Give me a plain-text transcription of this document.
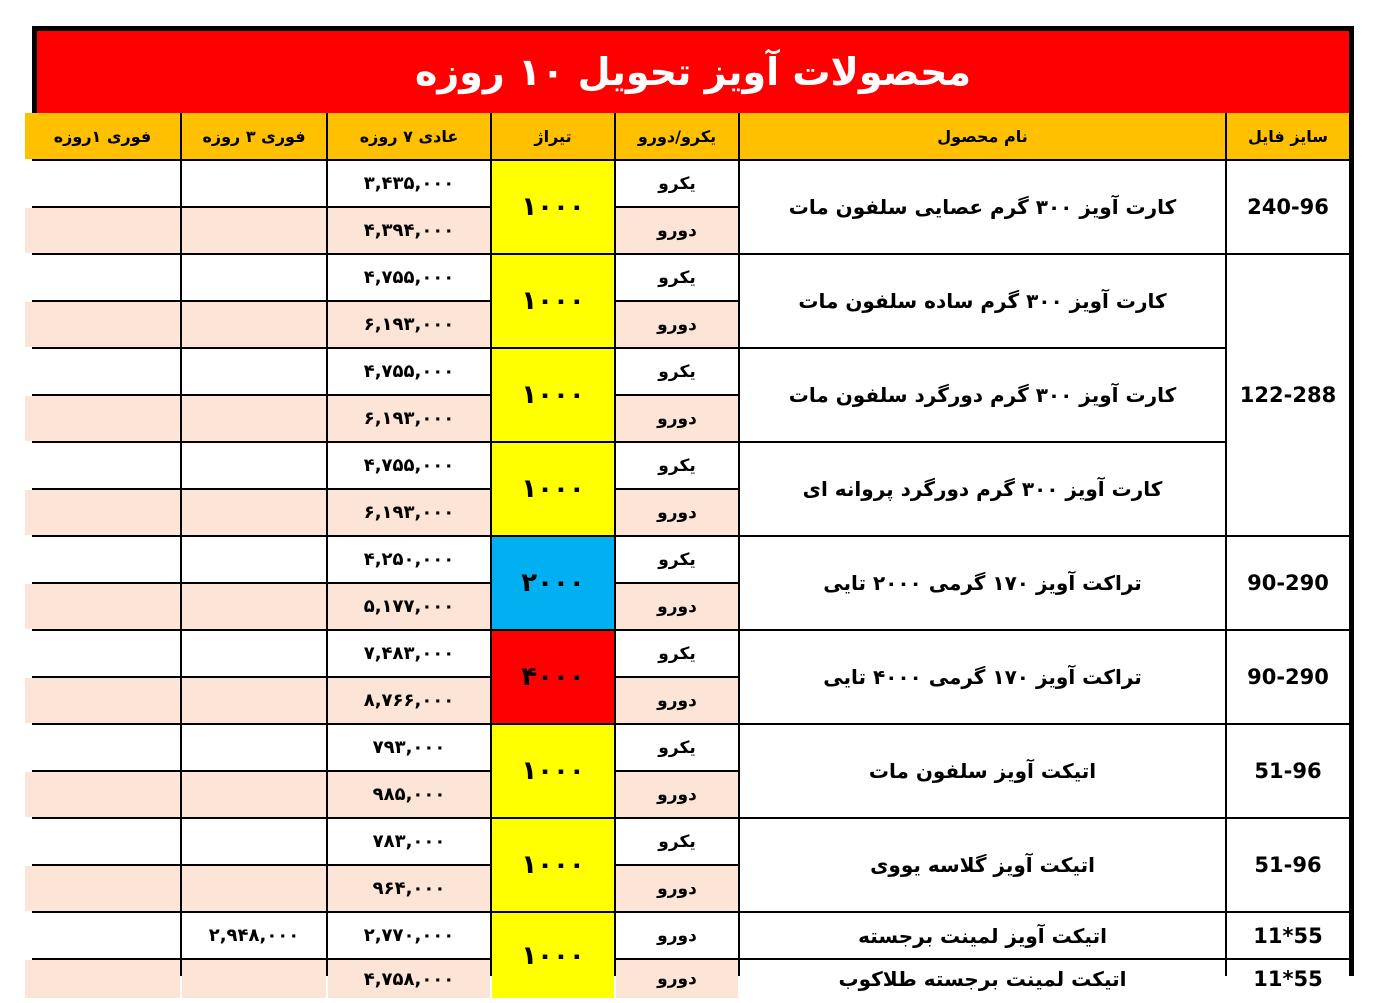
محصولات آویز تحویل ۱۰ روزه
سایز فایل
نام محصول
یکرو/دورو
تیراژ
عادی ۷ روزه
فوری ۳ روزه
فوری ۱روزه
240-96
122-288
90-290
90-290
51-96
51-96
11*55
11*55
کارت آویز ۳۰۰ گرم عصایی سلفون مات
کارت آویز ۳۰۰ گرم ساده سلفون مات
کارت آویز ۳۰۰ گرم دورگرد سلفون مات
کارت آویز ۳۰۰ گرم دورگرد پروانه ای
تراکت آویز ۱۷۰ گرمی ۲۰۰۰ تایی
تراکت آویز ۱۷۰ گرمی ۴۰۰۰ تایی
اتیکت آویز سلفون مات
اتیکت آویز گلاسه یووی
اتیکت آویز لمینت برجسته
اتیکت لمینت برجسته طلاکوب
۱۰۰۰
۱۰۰۰
۱۰۰۰
۱۰۰۰
۲۰۰۰
۴۰۰۰
۱۰۰۰
۱۰۰۰
۱۰۰۰
یکرو
۳,۴۳۵,۰۰۰
دورو
۴,۳۹۴,۰۰۰
یکرو
۴,۷۵۵,۰۰۰
دورو
۶,۱۹۳,۰۰۰
یکرو
۴,۷۵۵,۰۰۰
دورو
۶,۱۹۳,۰۰۰
یکرو
۴,۷۵۵,۰۰۰
دورو
۶,۱۹۳,۰۰۰
یکرو
۴,۲۵۰,۰۰۰
دورو
۵,۱۷۷,۰۰۰
یکرو
۷,۴۸۳,۰۰۰
دورو
۸,۷۶۶,۰۰۰
یکرو
۷۹۳,۰۰۰
دورو
۹۸۵,۰۰۰
یکرو
۷۸۳,۰۰۰
دورو
۹۶۴,۰۰۰
دورو
۲,۷۷۰,۰۰۰
۲,۹۴۸,۰۰۰
دورو
۴,۷۵۸,۰۰۰
